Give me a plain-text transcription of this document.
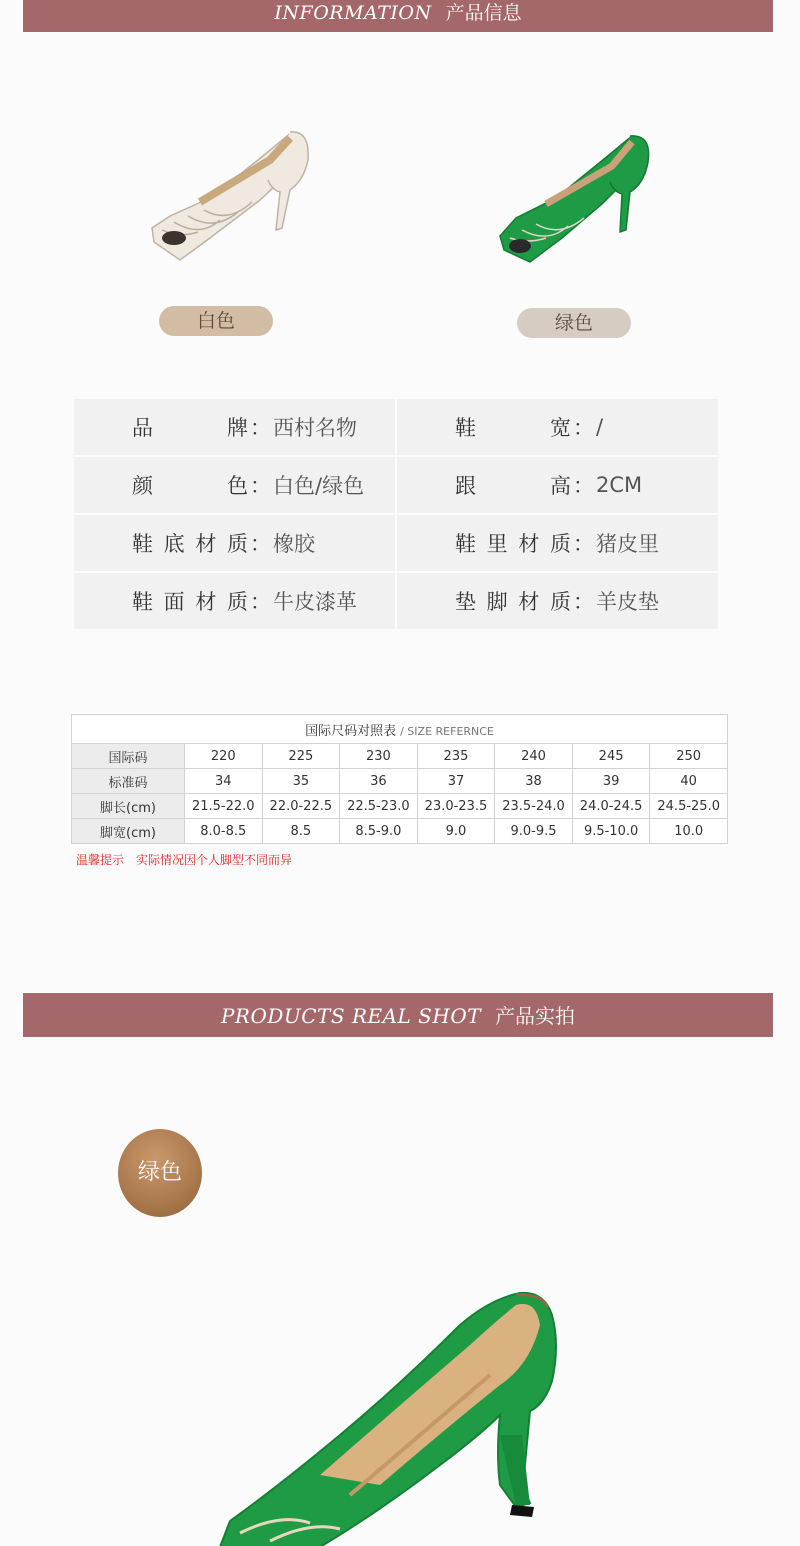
INFORMATION 产品信息
白色	绿色
品牌 ： 西村名物	鞋宽 ： /
颜色 ： 白色/绿色	跟高 ： 2CM
鞋底材质 ： 橡胶	鞋里材质 ： 猪皮里
鞋面材质 ： 牛皮漆革	垫脚材质 ： 羊皮垫
国际尺码对照表 / SIZE REFERNCE							
国际码	220	225	230	235	240	245	250
标准码	34	35	36	37	38	39	40
脚长(cm)	21.5-22.0	22.0-22.5	22.5-23.0	23.0-23.5	23.5-24.0	24.0-24.5	24.5-25.0
脚宽(cm)	8.0-8.5	8.5	8.5-9.0	9.0	9.0-9.5	9.5-10.0	10.0
温馨提示 实际情况因个人脚型不同而异
PRODUCTS REAL SHOT 产品实拍
绿色
